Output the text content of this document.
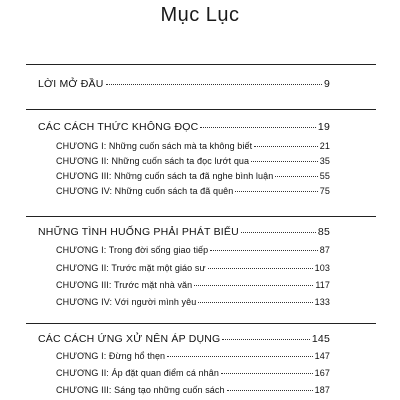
Mục Lục
LỜI MỞ ĐẦU	9
CÁC CÁCH THỨC KHÔNG ĐỌC	19
CHƯƠNG I: Những cuốn sách mà ta không biết	21
CHƯƠNG II: Những cuốn sách ta đọc lướt qua	35
CHƯƠNG III: Những cuốn sách ta đã nghe bình luận	55
CHƯƠNG IV: Những cuốn sách ta đã quên	75
NHỮNG TÌNH HUỐNG PHẢI PHÁT BIỂU	85
CHƯƠNG I: Trong đời sống giao tiếp	87
CHƯƠNG II: Trước mặt một giáo sư	103
CHƯƠNG III: Trước mặt nhà văn	117
CHƯƠNG IV: Với người mình yêu	133
CÁC CÁCH ỨNG XỬ NÊN ÁP DỤNG	145
CHƯƠNG I: Đừng hổ thẹn	147
CHƯƠNG II: Áp đặt quan điểm cá nhân	167
CHƯƠNG III: Sáng tạo những cuốn sách	187
